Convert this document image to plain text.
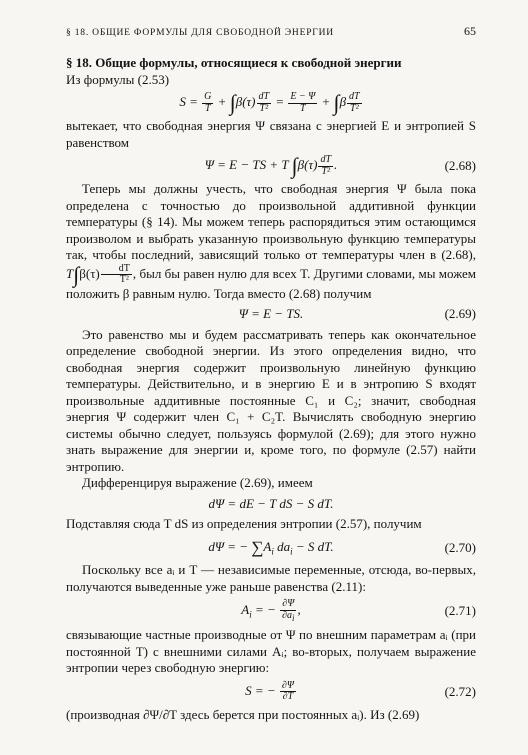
§ 18. ОБЩИЕ ФОРМУЛЫ ДЛЯ СВОБОДНОЙ ЭНЕРГИИ	65
§ 18. Общие формулы, относящиеся к свободной энергии

Из формулы (2.53)

$S = \frac{G}{T} + \int\beta(\tau) \frac{dT}{\text{T²}} = \frac{E - \Psi}{T} + \int\beta \frac{dT}{\text{T²}}$

вытекает, что свободная энергия Ψ связана с энергией E и энтропией S равенством

Ψ = E − TS + T $\int\beta(\tau) \frac{dT}{\text{T²}}$ .	(2.68)

Теперь мы должны учесть, что свободная энергия Ψ была пока определена с точностью до произвольной аддитивной функции температуры (§ 14). Мы можем теперь распорядиться этим остающимся произволом и выбрать указанную произвольную функцию температуры так, чтобы последний, зависящий только от температуры член в (2.68), $T\int\beta(\tau) \frac{dT}{\text{T²}}$ , был бы равен нулю для всех T. Другими словами, мы можем положить β равным нулю. Тогда вместо (2.68) получим

Ψ = E − TS.	(2.69)

Это равенство мы и будем рассматривать теперь как окончательное определение свободной энергии. Из этого определения видно, что свободная энергия содержит произвольную линейную функцию температуры. Действительно, и в энергию E и в энтропию S входят произвольные аддитивные постоянные C₁ и C₂; значит, свободная энергия Ψ содержит член C₁ + C₂T. Вычислять свободную энергию системы обычно следует, пользуясь формулой (2.69); для этого нужно знать выражение для энергии и, кроме того, по формуле (2.57) найти энтропию.

Дифференцируя выражение (2.69), имеем

dΨ = dE − T dS − S dT.

Подставляя сюда T dS из определения энтропии (2.57), получим

dΨ = − $\sum A_i$ $da_i - S$ dT.	(2.70)

Поскольку все aᵢ и T — независимые переменные, отсюда, во-первых, получаются выведенные уже раньше равенства (2.11):

$A_i$ = − $\frac{\partial\Psi}{\partial a_i}$ ,	(2.71)

связывающие частные производные от Ψ по внешним параметрам aᵢ (при постоянной T) с внешними силами Aᵢ; во-вторых, получаем выражение энтропии через свободную энергию:

S = − $\frac{\partial\Psi}{\partial T}$	(2.72)

(производная ∂Ψ/∂T здесь берется при постоянных aᵢ). Из (2.69)
